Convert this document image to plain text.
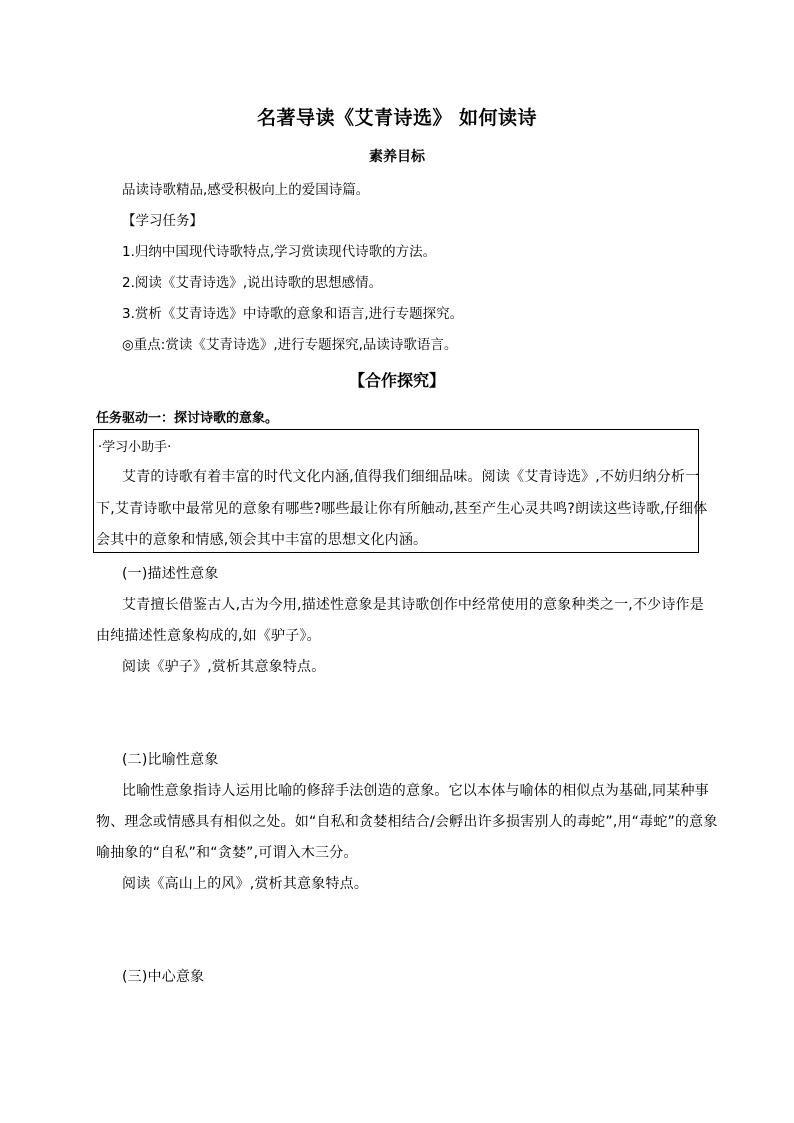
名著导读《艾青诗选》 如何读诗
素养目标
品读诗歌精品,感受积极向上的爱国诗篇。
【学习任务】
1.归纳中国现代诗歌特点,学习赏读现代诗歌的方法。
2.阅读《艾青诗选》,说出诗歌的思想感情。
3.赏析《艾青诗选》中诗歌的意象和语言,进行专题探究。
◎重点:赏读《艾青诗选》,进行专题探究,品读诗歌语言。
【合作探究】
任务驱动一：探讨诗歌的意象。
·学习小助手·
艾青的诗歌有着丰富的时代文化内涵,值得我们细细品味。阅读《艾青诗选》,不妨归纳分析一
下,艾青诗歌中最常见的意象有哪些?哪些最让你有所触动,甚至产生心灵共鸣?朗读这些诗歌,仔细体
会其中的意象和情感,领会其中丰富的思想文化内涵。
(一)描述性意象
艾青擅长借鉴古人,古为今用,描述性意象是其诗歌创作中经常使用的意象种类之一,不少诗作是
由纯描述性意象构成的,如《驴子》。
阅读《驴子》,赏析其意象特点。
(二)比喻性意象
比喻性意象指诗人运用比喻的修辞手法创造的意象。它以本体与喻体的相似点为基础,同某种事
物、理念或情感具有相似之处。如“自私和贪婪相结合/会孵出许多损害别人的毒蛇”,用“毒蛇”的意象
喻抽象的“自私”和“贪婪”,可谓入木三分。
阅读《高山上的风》,赏析其意象特点。
(三)中心意象
